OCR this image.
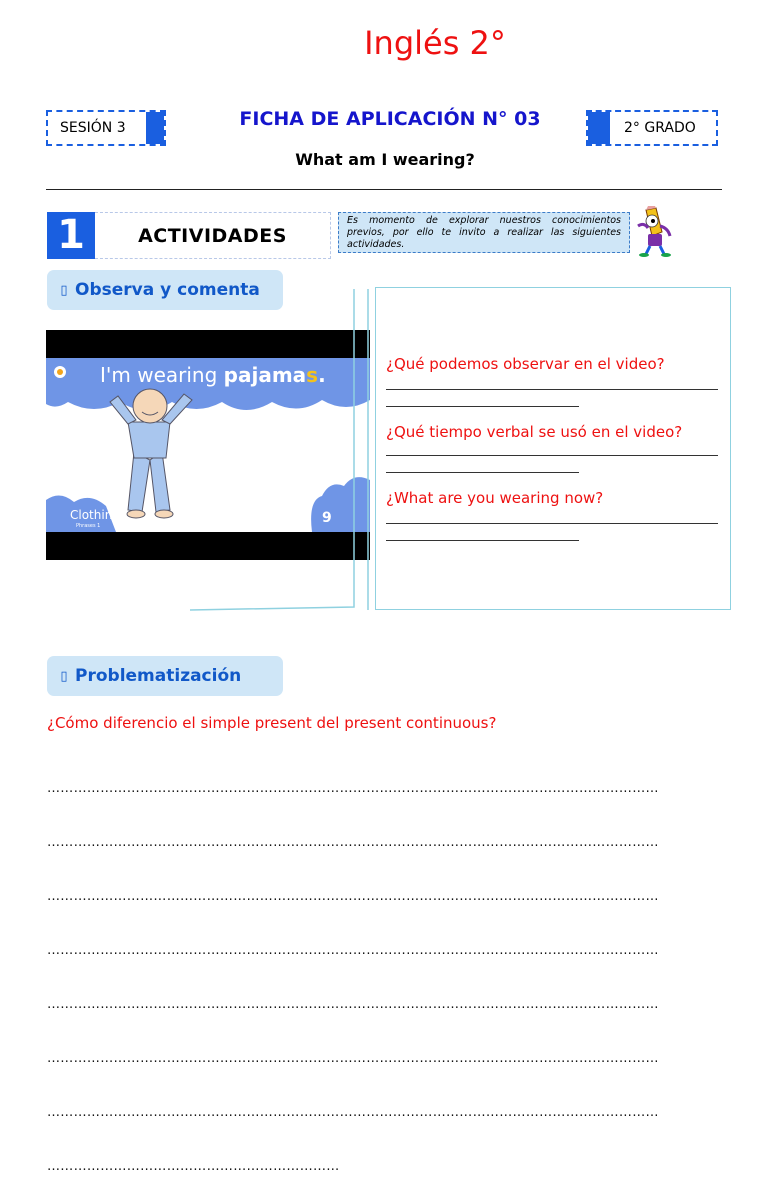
Inglés 2°
SESIÓN 3	FICHA DE APLICACIÓN N° 03	2° GRADO
What am I wearing?
1	ACTIVIDADES
Es momento de explorar nuestros conocimientos previos, por ello te invito a realizar las siguientes actividades.
▯ Observa y comenta
I'm wearing pajamas.
Clothing
Phrases 1	9
¿Qué podemos observar en el video?
¿Qué tiempo verbal se usó en el video?
¿What are you wearing now?
▯ Problematización
¿Cómo diferencio el simple present del present continuous?

…………………………………………………………………………………………………………………………

…………………………………………………………………………………………………………………………

…………………………………………………………………………………………………………………………

…………………………………………………………………………………………………………………………

…………………………………………………………………………………………………………………………

…………………………………………………………………………………………………………………………

…………………………………………………………………………………………………………………………

…………………………………………………………
